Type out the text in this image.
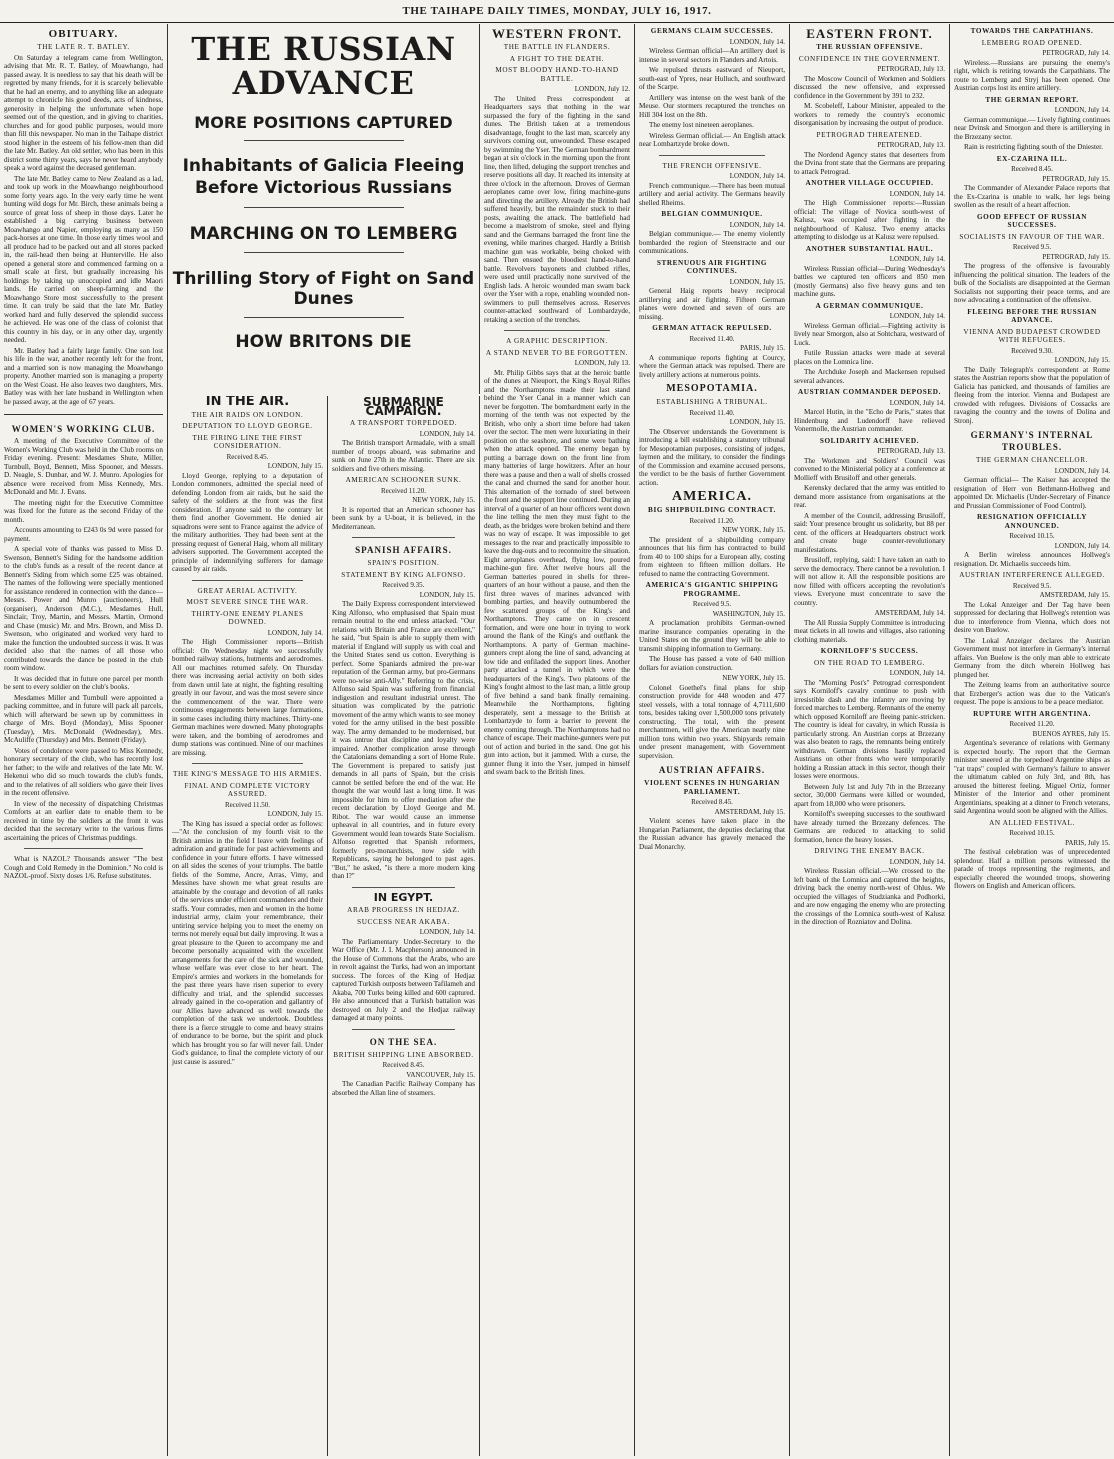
THE TAIHAPE DAILY TIMES, MONDAY, JULY 16, 1917.
OBITUARY.
THE LATE R. T. BATLEY.

On Saturday a telegram came from Wellington, advising that Mr. R. T. Batley, of Moawhango, had passed away. It is needless to say that his death will be regretted by many friends, for it is scarcely believable that he had an enemy, and to anything like an adequate attempt to chronicle his good deeds, acts of kindness, generosity in helping the unfortunate when hope seemed out of the question, and in giving to charities, churches and for good public purposes, would more than fill this newspaper. No man in the Taihape district stood higher in the esteem of his fellow-men than did the late Mr. Batley. An old settler, who has been in this district some thirty years, says he never heard anybody speak a word against the deceased gentleman.

The late Mr. Batley came to New Zealand as a lad, and took up work in the Moawhango neighbourhood some forty years ago. In the very early time he went hunting wild dogs for Mr. Birch, these animals being a source of great loss of sheep in those days. Later he established a big carrying business between Moawhango and Napier, employing as many as 150 pack-horses at one time. In those early times wool and all produce had to be packed out and all stores packed in, the rail-head then being at Hunterville. He also opened a general store and commenced farming on a small scale at first, but gradually increasing his holdings by taking up unoccupied and idle Maori lands. He carried on sheep-farming and the Moawhango Store most successfully to the present time. It can truly be said that the late Mr. Batley worked hard and fully deserved the splendid success he achieved. He was one of the class of colonist that this country in his day, or in any other day, urgently needed.

Mr. Batley had a fairly large family. One son lost his life in the war, another recently left for the front, and a married son is now managing the Moawhango property. Another married son is managing a property on the West Coast. He also leaves two daughters, Mrs. Batley was with her late husband in Wellington when he passed away, at the age of 67 years.

WOMEN'S WORKING CLUB.

A meeting of the Executive Committee of the Women's Working Club was held in the Club rooms on Friday evening. Present: Mesdames Shute, Miller, Turnbull, Boyd, Bennett, Miss Spooner, and Messrs. D. Neagle, S. Dunbar, and W. J. Munro. Apologies for absence were received from Miss Kennedy, Mrs. McDonald and Mr. J. Evans.

The meeting night for the Executive Committee was fixed for the future as the second Friday of the month.

Accounts amounting to £243 0s 9d were passed for payment.

A special vote of thanks was passed to Miss D. Swenson, Bennett's Siding for the handsome addition to the club's funds as a result of the recent dance at Bennett's Siding from which some £25 was obtained. The names of the following were specially mentioned for assistance rendered in connection with the dance—Messrs. Power and Munro (auctioneers), Hull (organiser), Anderson (M.C.), Mesdames Hull, Sinclair, Troy, Martin, and Messrs. Martin, Ormond and Chase (music) Mr. and Mrs. Brown, and Miss D. Swenson, who originated and worked very hard to make the function the undoubted success it was. It was decided also that the names of all those who contributed towards the dance be posted in the club room window.

It was decided that in future one parcel per month be sent to every soldier on the club's books.

Mesdames Miller and Turnbull were appointed a packing committee, and in future will pack all parcels, which will afterward be sewn up by committees in charge of Mrs. Boyd (Monday), Miss Spooner (Tuesday), Mrs. McDonald (Wednesday), Mrs. McAuliffe (Thursday) and Mrs. Bennett (Friday).

Votes of condolence were passed to Miss Kennedy, honorary secretary of the club, who has recently lost her father; to the wife and relatives of the late Mr. W. Hekenui who did so much towards the club's funds, and to the relatives of all soldiers who gave their lives in the recent offensive.

In view of the necessity of dispatching Christmas Comforts at an earlier date to enable them to be received in time by the soldiers at the front it was decided that the secretary write to the various firms ascertaining the prices of Christmas puddings.

What is NAZOL? Thousands answer "The best Cough and Cold Remedy in the Dominion." No cold is NAZOL-proof. Sixty doses 1/6. Refuse substitutes.

THE RUSSIAN ADVANCE
MORE POSITIONS CAPTURED
Inhabitants of Galicia Fleeing Before Victorious Russians
MARCHING ON TO LEMBERG
Thrilling Story of Fight on Sand Dunes
HOW BRITONS DIE
IN THE AIR.
THE AIR RAIDS ON LONDON.
DEPUTATION TO LLOYD GEORGE.
THE FIRING LINE THE FIRST CONSIDERATION.
Received 8.45.
LONDON, July 15.

Lloyd George, replying to a deputation of London commoners, admitted the special need of defending London from air raids, but he said the safety of the soldiers at the front was the first consideration. If anyone said to the contrary let them find another Government. He denied air squadrons were sent to France against the advice of the military authorities. They had been sent at the pressing request of General Haig, whom all military advisers supported. The Government accepted the principle of indemnifying sufferers for damage caused by air raids.

GREAT AERIAL ACTIVITY.
MOST SEVERE SINCE THE WAR.
THIRTY-ONE ENEMY PLANES DOWNED.
LONDON, July 14.

The High Commissioner reports—British official: On Wednesday night we successfully bombed railway stations, hutments and aerodromes. All our machines returned safely. On Thursday there was increasing aerial activity on both sides from dawn until late at night, the fighting resulting greatly in our favour, and was the most severe since the commencement of the war. There were continuous engagements between large formations, in some cases including thirty machines. Thirty-one German machines were downed. Many photographs were taken, and the bombing of aerodromes and dump stations was continued. Nine of our machines are missing.

THE KING'S MESSAGE TO HIS ARMIES.
FINAL AND COMPLETE VICTORY ASSURED.
Received 11.50.
LONDON, July 15.

The King has issued a special order as follows:—"At the conclusion of my fourth visit to the British armies in the field I leave with feelings of admiration and gratitude for past achievements and confidence in your future efforts. I have witnessed on all sides the scenes of your triumphs. The battle fields of the Somme, Ancre, Arras, Vimy, and Messines have shown me what great results are attainable by the courage and devotion of all ranks of the services under efficient commanders and their staffs. Your comrades, men and women in the home industrial army, claim your remembrance, their untiring service helping you to meet the enemy on terms not merely equal but daily improving. It was a great pleasure to the Queen to accompany me and become personally acquainted with the excellent arrangements for the care of the sick and wounded, whose welfare was ever close to her heart. The Empire's armies and workers in the homelands for the past three years have risen superior to every difficulty and trial, and the splendid successes already gained in the co-operation and gallantry of our Allies have advanced us well towards the completion of the task we undertook. Doubtless there is a fierce struggle to come and heavy strains of endurance to be borne, but the spirit and pluck which has brought you so far will never fail. Under God's guidance, to final the complete victory of our just cause is assured."

SUBMARINE CAMPAIGN.
A TRANSPORT TORPEDOED.
LONDON, July 14.

The British transport Armadale, with a small number of troops aboard, was submarine and sunk on June 27th in the Atlantic. There are six soldiers and five others missing.

AMERICAN SCHOONER SUNK.
Received 11.20.
NEW YORK, July 15.

It is reported that an American schooner has been sunk by a U-boat, it is believed, in the Mediterranean.

SPANISH AFFAIRS.
SPAIN'S POSITION.
STATEMENT BY KING ALFONSO.
Received 9.35.
LONDON, July 15.

The Daily Express correspondent interviewed King Alfonso, who emphasised that Spain must remain neutral to the end unless attacked. "Our relations with Britain and France are excellent," he said, "but Spain is able to supply them with material if England will supply us with coal and the United States send us cotton. Everything is perfect. Some Spaniards admired the pre-war reputation of the German army, but pro-Germans were no-wise anti-Ally." Referring to the crisis, Alfonso said Spain was suffering from financial indigestion and resultant industrial unrest. The situation was complicated by the patriotic movement of the army which wants to see money voted for the army utilised in the best possible way. The army demanded to be modernised, but it was untrue that discipline and loyalty were impaired. Another complication arose through the Catalonians demanding a sort of Home Rule. The Government is prepared to satisfy just demands in all parts of Spain, but the crisis cannot be settled before the end of the war. He thought the war would last a long time. It was impossible for him to offer mediation after the recent declaration by Lloyd George and M. Ribot. The war would cause an immense upheaval in all countries, and in future every Government would lean towards State Socialism. Alfonso regretted that Spanish reformers, formerly pro-monarchists, now side with Republicans, saying he belonged to past ages. "But," he asked, "is there a more modern king than I?"

IN EGYPT.
ARAB PROGRESS IN HEDJAZ.
SUCCESS NEAR AKABA.
LONDON, July 14.

The Parliamentary Under-Secretary to the War Office (Mr. J. I. Macpherson) announced in the House of Commons that the Arabs, who are in revolt against the Turks, had won an important success. The forces of the King of Hedjaz captured Turkish outposts between Tafilameh and Akaba, 700 Turks being killed and 600 captured. He also announced that a Turkish battalion was destroyed on July 2 and the Hedjaz railway damaged at many points.

ON THE SEA.
BRITISH SHIPPING LINE ABSORBED.
Received 8.45.
VANCOUVER, July 15.

The Canadian Pacific Railway Company has absorbed the Allan line of steamers.

WESTERN FRONT.
THE BATTLE IN FLANDERS.
A FIGHT TO THE DEATH.
MOST BLOODY HAND-TO-HAND BATTLE.
LONDON, July 12.

The United Press correspondent at Headquarters says that nothing in the war surpassed the fury of the fighting in the sand dunes. The British taken at a tremendous disadvantage, fought to the last man, scarcely any survivors coming out, unwounded. These escaped by swimming the Yser. The German bombardment began at six o'clock in the morning upon the front line, then lifted, deluging the support trenches and reserve positions all day. It reached its intensity at three o'clock in the afternoon. Droves of German aeroplanes came over low, firing machine-guns and directing the artillery. Already the British had suffered heavily, but the remainder stuck to their posts, awaiting the attack. The battlefield had become a maelstrom of smoke, steel and flying sand and the Germans barraged the front line the evening, while marines charged. Hardly a British machine gun was workable, being choked with sand. Then ensued the bloodiest hand-to-hand battle. Revolvers bayonets and clubbed rifles, were used until practically none survived of the English lads. A heroic wounded man swam back over the Yser with a rope, enabling wounded non-swimmers to pull themselves across. Reserves counter-attacked southward of Lombardzyde, retaking a section of the trenches.

A GRAPHIC DESCRIPTION.
A STAND NEVER TO BE FORGOTTEN.
LONDON, July 13.

Mr. Philip Gibbs says that at the heroic battle of the dunes at Nieuport, the King's Royal Rifles and the Northamptons made their last stand behind the Yser Canal in a manner which can never be forgotten. The bombardment early in the morning of the tenth was not expected by the British, who only a short time before had taken over the sector. The men were luxuriating in their position on the seashore, and some were bathing when the attack opened. The enemy began by putting a barrage down on the front line from many batteries of large howitzers. After an hour there was a pause and then a wall of shells crossed the canal and churned the sand for another hour. This alternation of the tornado of steel between the front and the support line continued. During an interval of a quarter of an hour officers went down the line telling the men they must fight to the death, as the bridges were broken behind and there was no way of escape. It was impossible to get messages to the rear and practically impossible to leave the dug-outs and to reconnoitre the situation. Eight aeroplanes overhead, flying low, poured machine-gun fire. After twelve hours all the German batteries poured in shells for three-quarters of an hour without a pause, and then the first three waves of marines advanced with bombing parties, and heavily outnumbered the few scattered groups of the King's and Northamptons. They came on in crescent formation, and were one hour in trying to work around the flank of the King's and outflank the Northamptons. A party of German machine-gunners crept along the line of sand, advancing at low tide and enfiladed the support lines. Another party attacked a tunnel in which were the headquarters of the King's. Two platoons of the King's fought almost to the last man, a little group of five behind a sand bank finally remaining. Meanwhile the Northamptons, fighting desperately, sent a message to the British at Lombartzyde to form a barrier to prevent the enemy coming through. The Northamptons had no chance of escape. Their machine-gunners were put out of action and buried in the sand. One got his gun into action, but it jammed. With a curse, the gunner flung it into the Yser, jumped in himself and swam back to the British lines.

GERMANS CLAIM SUCCESSES.
LONDON, July 14.

Wireless German official—An artillery duel is intense in several sectors in Flanders and Artois.

We repulsed thrusts eastward of Nieuport, south-east of Ypres, near Hulluch, and southward of the Scarpe.

Artillery was intense on the west bank of the Meuse. Our stormers recaptured the trenches on Hill 304 lost on the 8th.

The enemy lost nineteen aeroplanes.

Wireless German official.— An English attack near Lombartzyde broke down.

THE FRENCH OFFENSIVE.
LONDON, July 14.

French communique.—There has been mutual artillery and aerial activity. The Germans heavily shelled Rheims.

BELGIAN COMMUNIQUE.
LONDON, July 14.

Belgian communique.— The enemy violently bombarded the region of Steenstracte and our communications.

STRENUOUS AIR FIGHTING CONTINUES.
LONDON, July 15.

General Haig reports heavy reciprocal artillerying and air fighting. Fifteen German planes were downed and seven of ours are missing.

GERMAN ATTACK REPULSED.
Received 11.40.
PARIS, July 15.

A communique reports fighting at Courcy, where the German attack was repulsed. There are lively artillery actions at numerous points.

MESOPOTAMIA.
ESTABLISHING A TRIBUNAL.
Received 11.40.
LONDON, July 15.

The Observer understands the Government is introducing a bill establishing a statutory tribunal for Mesopotamian purposes, consisting of judges, laymen and the military, to consider the findings of the Commission and examine accused persons, the verdict to be the basis of further Government action.

AMERICA.
BIG SHIPBUILDING CONTRACT.
Received 11.20.
NEW YORK, July 15.

The president of a shipbuilding company announces that his firm has contracted to build from 40 to 100 ships for a European ally, costing from eighteen to fifteen million dollars. He refused to name the contracting Government.

AMERICA'S GIGANTIC SHIPPING PROGRAMME.
Received 9.5.
WASHINGTON, July 15.

A proclamation prohibits German-owned marine insurance companies operating in the United States on the ground they will be able to transmit shipping information to Germany.

The House has passed a vote of 640 million dollars for aviation construction.

NEW YORK, July 15.

Colonel Goethel's final plans for ship construction provide for 448 wooden and 477 steel vessels, with a total tonnage of 4,7111,600 tons, besides taking over 1,500,000 tons privately constructing. The total, with the present merchantmen, will give the American nearly nine million tons within two years. Shipyards remain under present management, with Government supervision.

AUSTRIAN AFFAIRS.
VIOLENT SCENES IN HUNGARIAN PARLIAMENT.
Received 8.45.
AMSTERDAM, July 15.

Violent scenes have taken place in the Hungarian Parliament, the deputies declaring that the Russian advance has gravely menaced the Dual Monarchy.

EASTERN FRONT.
THE RUSSIAN OFFENSIVE.
CONFIDENCE IN THE GOVERNMENT.
PETROGRAD, July 13.

The Moscow Council of Workmen and Soldiers discussed the new offensive, and expressed confidence in the Government by 391 to 232.

M. Scobeleff, Labour Minister, appealed to the workers to remedy the country's economic disorganisation by increasing the output of produce.

PETROGRAD THREATENED.
PETROGRAD, July 13.

The Nordend Agency states that deserters from the Dvina front state that the Germans are preparing to attack Petrograd.

ANOTHER VILLAGE OCCUPIED.
LONDON, July 14.

The High Commissioner reports:—Russian official: The village of Novica south-west of Kalusz, was occupied after fighting in the neighbourhood of Kalusz. Two enemy attacks attempting to dislodge us at Kalusz were repulsed.

ANOTHER SUBSTANTIAL HAUL.
LONDON, July 14.

Wireless Russian official—During Wednesday's battles we captured ten officers and 850 men (mostly Germans) also five heavy guns and ten machine guns.

A GERMAN COMMUNIQUE.
LONDON, July 14.

Wireless German official.—Fighting activity is lively near Smorgon, also at Sohtchara, westward of Luck.

Futile Russian attacks were made at several places on the Lomnica line.

The Archduke Joseph and Mackensen repulsed several advances.

AUSTRIAN COMMANDER DEPOSED.
LONDON, July 14.

Marcel Hutin, in the "Echo de Paris," states that Hindenburg and Ludendorff have relieved Vonermolle, the Austrian commander.

SOLIDARITY ACHIEVED.
PETROGRAD, July 13.

The Workmen and Soldiers' Council was convened to the Ministerial policy at a conference at Mollieff with Brusiloff and other generals.

Kerensky declared that the army was entitled to demand more assistance from organisations at the rear.

A member of the Council, addressing Brusiloff, said: Your presence brought us solidarity, but 88 per cent. of the officers at Headquarters obstruct work and create huge counter-revolutionary manifestations.

Brusiloff, replying, said: I have taken an oath to serve the democracy. There cannot be a revolution. I will not allow it. All the responsible positions are now filled with officers accepting the revolution's views. Everyone must concentrate to save the country.

AMSTERDAM, July 14.

The All Russia Supply Committee is introducing meat tickets in all towns and villages, also rationing clothing materials.

KORNILOFF'S SUCCESS.
ON THE ROAD TO LEMBERG.
LONDON, July 14.

The "Morning Post's" Petrograd correspondent says Korniloff's cavalry continue to push with irresistible dash and the infantry are moving by forced marches to Lemberg. Remnants of the enemy which opposed Korniloff are fleeing panic-stricken. The country is ideal for cavalry, in which Russia is particularly strong. An Austrian corps at Brzezany was also beaten to rags, the remnants being entirely withdrawn. German divisions hastily replaced Austrians on other fronts who were temporarily holding a Russian attack in this sector, though their losses were enormous.

Between July 1st and July 7th in the Brzezany sector, 30,000 Germans were killed or wounded, apart from 18,000 who were prisoners.

Korniloff's sweeping successes to the southward have already turned the Brzezany defences. The Germans are reduced to attacking to solid formation, hence the heavy losses.

DRIVING THE ENEMY BACK.
LONDON, July 14.

Wireless Russian official.—We crossed to the left bank of the Lomnica and captured the heights, driving back the enemy north-west of Ohlus. We occupied the villages of Studzianka and Podhorki, and are now engaging the enemy who are protecting the crossings of the Lomnica south-west of Kalusz in the direction of Rozniatov and Dolina.

TOWARDS THE CARPATHIANS.
LEMBERG ROAD OPENED.
PETROGRAD, July 14.

Wireless.—Russians are pursuing the enemy's right, which is retiring towards the Carpathians. The route to Lemberg and Stryj has been opened. One Austrian corps lost its entire artillery.

THE GERMAN REPORT.
LONDON, July 14.

German communique.— Lively fighting continues near Dvinsk and Smorgon and there is artillerying in the Brzezany sector.

Rain is restricting fighting south of the Dniester.

EX-CZARINA ILL.
Received 8.45.
PETROGRAD, July 15.

The Commander of Alexander Palace reports that the Ex-Czarina is unable to walk, her legs being swollen as the result of a heart affection.

GOOD EFFECT OF RUSSIAN SUCCESSES.
SOCIALISTS IN FAVOUR OF THE WAR.
Received 9.5.
PETROGRAD, July 15.

The progress of the offensive is favourably influencing the political situation. The leaders of the bulk of the Socialists are disappointed at the German Socialists not supporting their peace terms, and are now advocating a continuation of the offensive.

FLEEING BEFORE THE RUSSIAN ADVANCE.
VIENNA AND BUDAPEST CROWDED WITH REFUGEES.
Received 9.30.
LONDON, July 15.

The Daily Telegraph's correspondent at Rome states the Austrian reports show that the population of Galicia has panicked, and thousands of families are fleeing from the interior. Vienna and Budapest are crowded with refugees. Divisions of Cossacks are ravaging the country and the towns of Dolina and Stronj.

GERMANY'S INTERNAL TROUBLES.
THE GERMAN CHANCELLOR.
LONDON, July 14.

German official— The Kaiser has accepted the resignation of Herr von Bethmann-Hollweg and appointed Dr. Michaelis (Under-Secretary of Finance and Prussian Commissioner of Food Control).

RESIGNATION OFFICIALLY ANNOUNCED.
Received 10.15.
LONDON, July 14.

A Berlin wireless announces Hollweg's resignation. Dr. Michaelis succeeds him.

AUSTRIAN INTERFERENCE ALLEGED.
Received 9.5.
AMSTERDAM, July 15.

The Lokal Anzeiger and Der Tag have been suppressed for declaring that Hollweg's retention was due to interference from Vienna, which does not desire von Buelow.

The Lokal Anzeiger declares the Austrian Government must not interfere in Germany's internal affairs. Von Buelow is the only man able to extricate Germany from the ditch wherein Hollweg has plunged her.

The Zeitung learns from an authoritative source that Erzberger's action was due to the Vatican's request. The pope is anxious to be a peace mediator.

RUPTURE WITH ARGENTINA.
Received 11.20.
BUENOS AYRES, July 15.

Argentina's severance of relations with Germany is expected hourly. The report that the German minister sneered at the torpedoed Argentine ships as "rat traps" coupled with Germany's failure to answer the ultimatum cabled on July 3rd, and 8th, has aroused the bitterest feeling. Miguel Ortiz, former Minister of the Interior and other prominent Argentinians, speaking at a dinner to French veterans, said Argentina would soon be aligned with the Allies.

AN ALLIED FESTIVAL.
Received 10.15.
PARIS, July 15.

The festival celebration was of unprecedented splendour. Half a million persons witnessed the parade of troops representing the regiments, and especially cheered the wounded troops, showering flowers on English and American officers.
